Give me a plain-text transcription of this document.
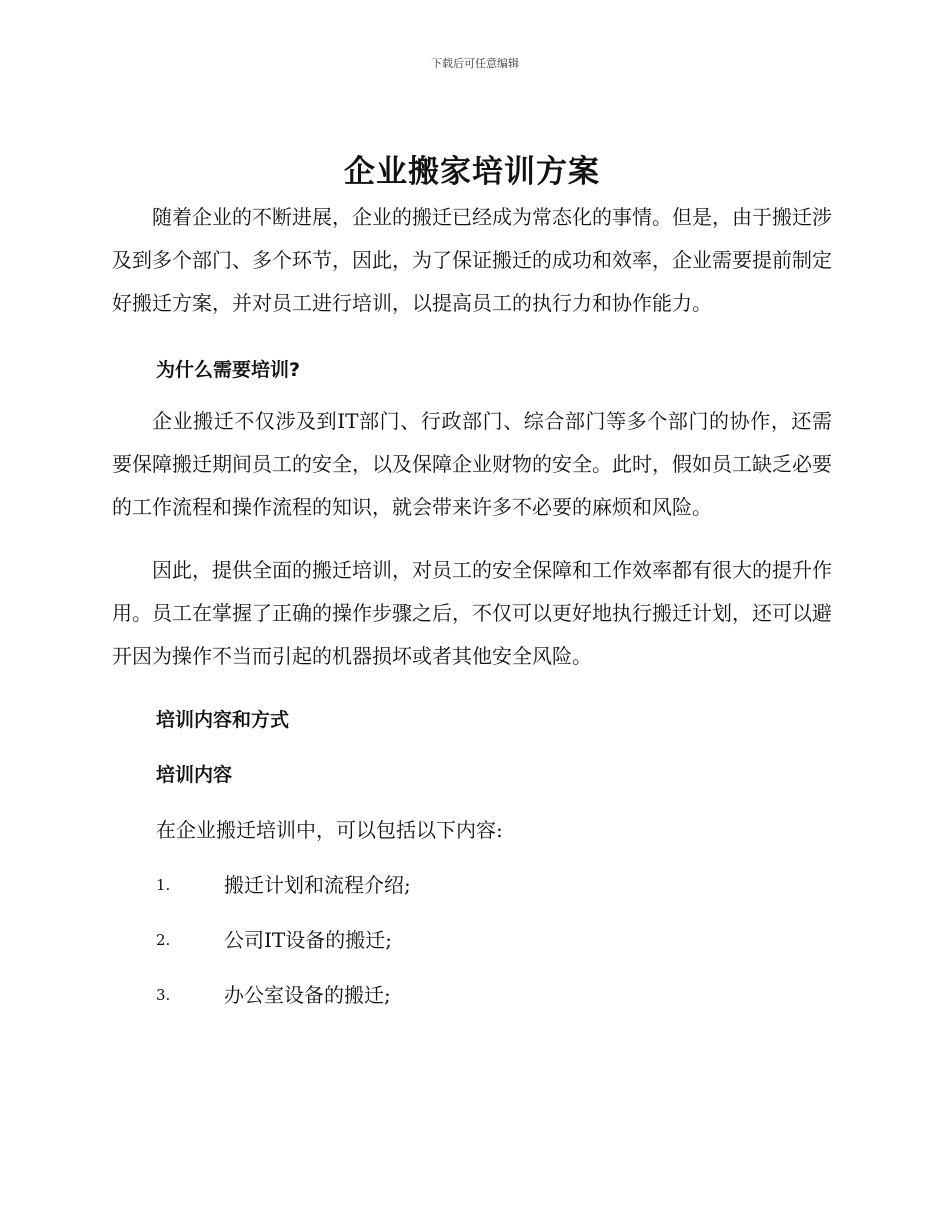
下载后可任意编辑
企业搬家培训方案

随着企业的不断进展，企业的搬迁已经成为常态化的事情。但是，由于搬迁涉及到多个部门、多个环节，因此，为了保证搬迁的成功和效率，企业需要提前制定好搬迁方案，并对员工进行培训，以提高员工的执行力和协作能力。

为什么需要培训?

企业搬迁不仅涉及到IT部门、行政部门、综合部门等多个部门的协作，还需要保障搬迁期间员工的安全，以及保障企业财物的安全。此时，假如员工缺乏必要的工作流程和操作流程的知识，就会带来许多不必要的麻烦和风险。

因此，提供全面的搬迁培训，对员工的安全保障和工作效率都有很大的提升作用。员工在掌握了正确的操作步骤之后，不仅可以更好地执行搬迁计划，还可以避开因为操作不当而引起的机器损坏或者其他安全风险。

培训内容和方式
培训内容

在企业搬迁培训中，可以包括以下内容:

1.	搬迁计划和流程介绍;
2.	公司IT设备的搬迁;
3.	办公室设备的搬迁;
